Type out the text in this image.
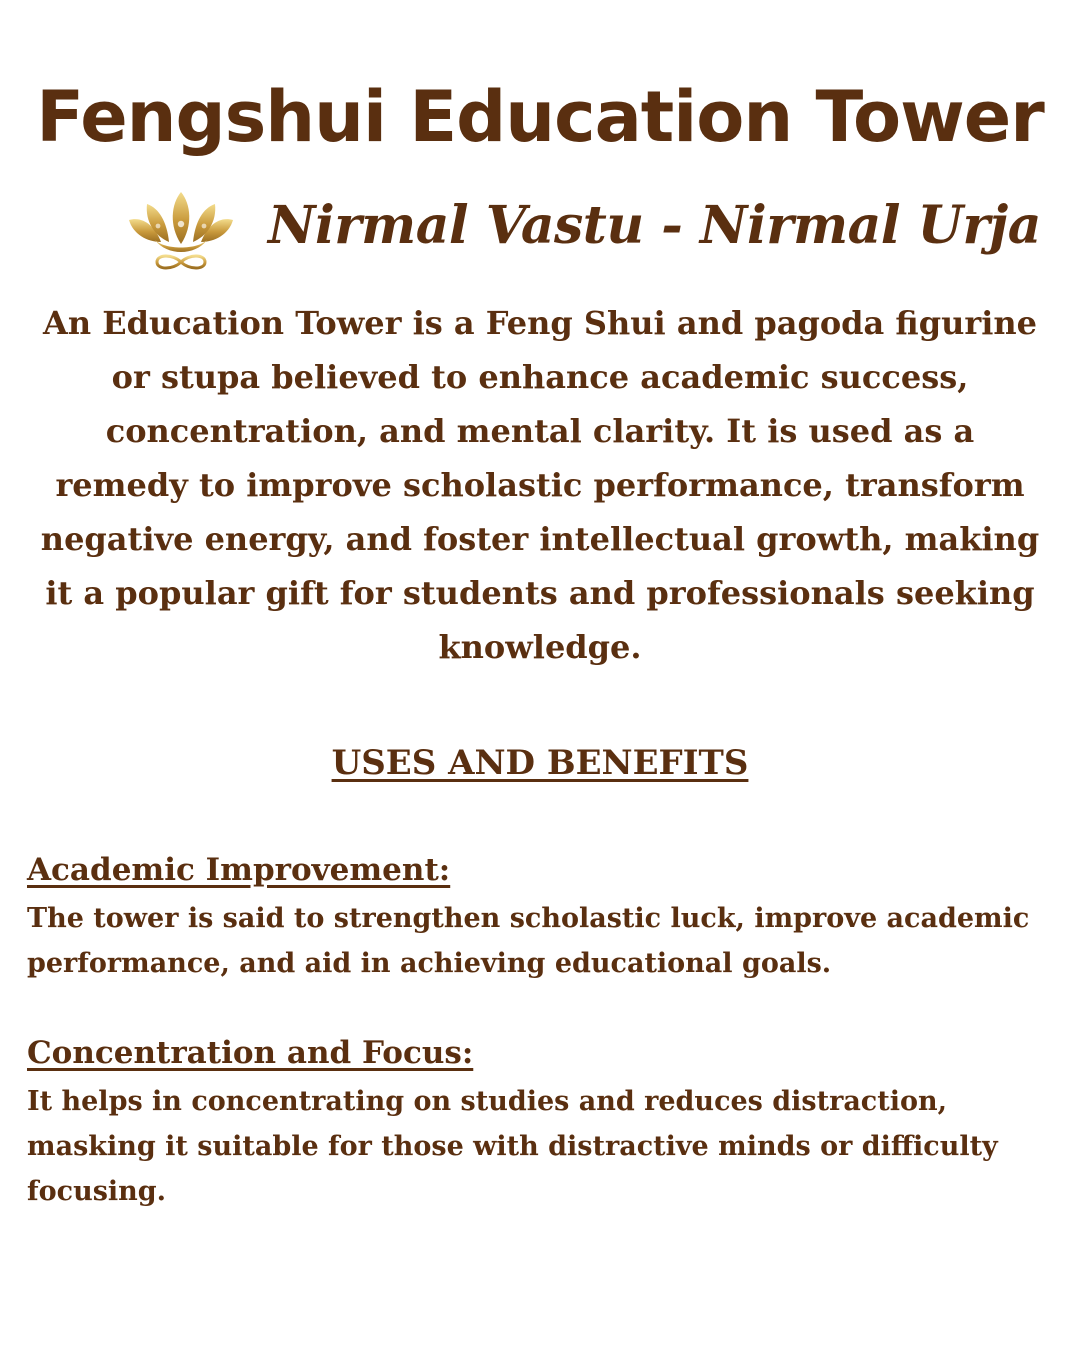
Fengshui Education Tower
Nirmal Vastu - Nirmal Urja

An Education Tower is a Feng Shui and pagoda figurine or stupa believed to enhance academic success, concentration, and mental clarity. It is used as a remedy to improve scholastic performance, transform negative energy, and foster intellectual growth, making it a popular gift for students and professionals seeking knowledge.

USES AND BENEFITS
Academic Improvement:

The tower is said to strengthen scholastic luck, improve academic performance, and aid in achieving educational goals.

Concentration and Focus:

It helps in concentrating on studies and reduces distraction, masking it suitable for those with distractive minds or difficulty focusing.
